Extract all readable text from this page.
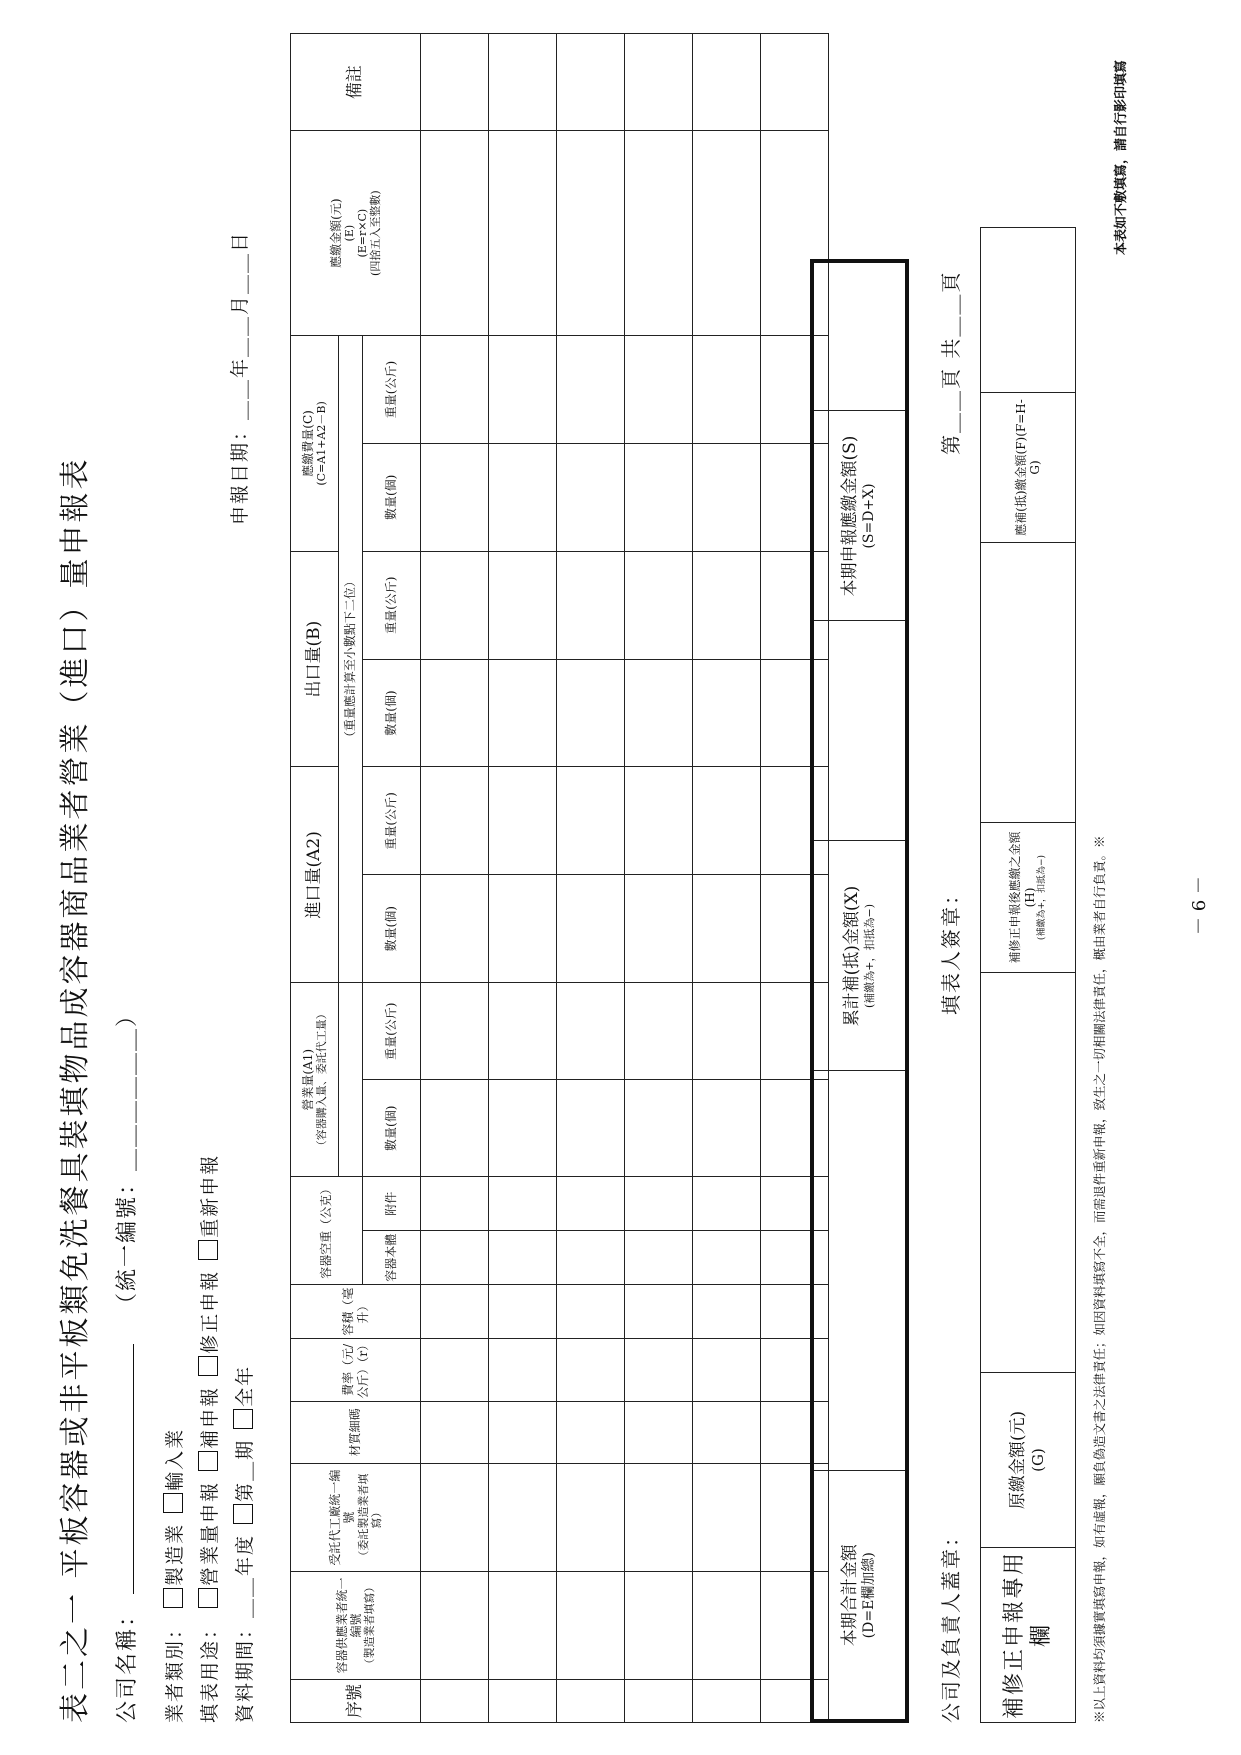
表二之一 平板容器或非平板類免洗餐具裝填物品成容器商品業者營業（進口）量申報表 公司名稱：  （統一編號：＿＿＿＿＿＿）
業者類別： 製造業 輸入業
填表用途： 營業量申報 補申報 修正申報 重新申報
資料期間：＿＿年度 第＿期 全年
申報日期：＿＿年＿＿月＿＿日
序號	容器供應業者統一編號 （製造業者填寫）	受託代工廠統一編號 （委託製造業者填寫）	材質細碼	費率（元/公斤）（r）	容積（毫升）	容器空重（公克）		營業量(A1) （容器購入量、委託代工量）		進口量(A2)		出口量(B)		應繳費量(C) (C=A1+A2－B)		應繳金額(元) (E) (E=r×C) (四捨五入至整數)	備註
										（重量應計算至小數點下二位）							
						容器本體	附件	數量(個)	重量(公斤)	數量(個)	重量(公斤)	數量(個)	重量(公斤)	數量(個)	重量(公斤)		

本期合計金額 (D=E欄加總)
		累計補(抵)金額(X) (補繳為+，扣抵為−)
		本期申報應繳金額(S) (S=D+X)

公司及負責人蓋章：
填表人簽章：
第＿＿頁 共＿＿頁
補修正申報專用欄	原繳金額(元) (G)
		補修正申報後應繳之金額(H) (補繳為+，扣抵為−)
		應補(抵)繳金額(F)(F=H-G)	
※以上資料均須據實填寫申報，如有虛報，願負偽造文書之法律責任；如因資料填寫不全，而需退件重新申報，致生之一切相關法律責任，概由業者自行負責。※
本表如不敷填寫，請自行影印填寫
－ 6 －
